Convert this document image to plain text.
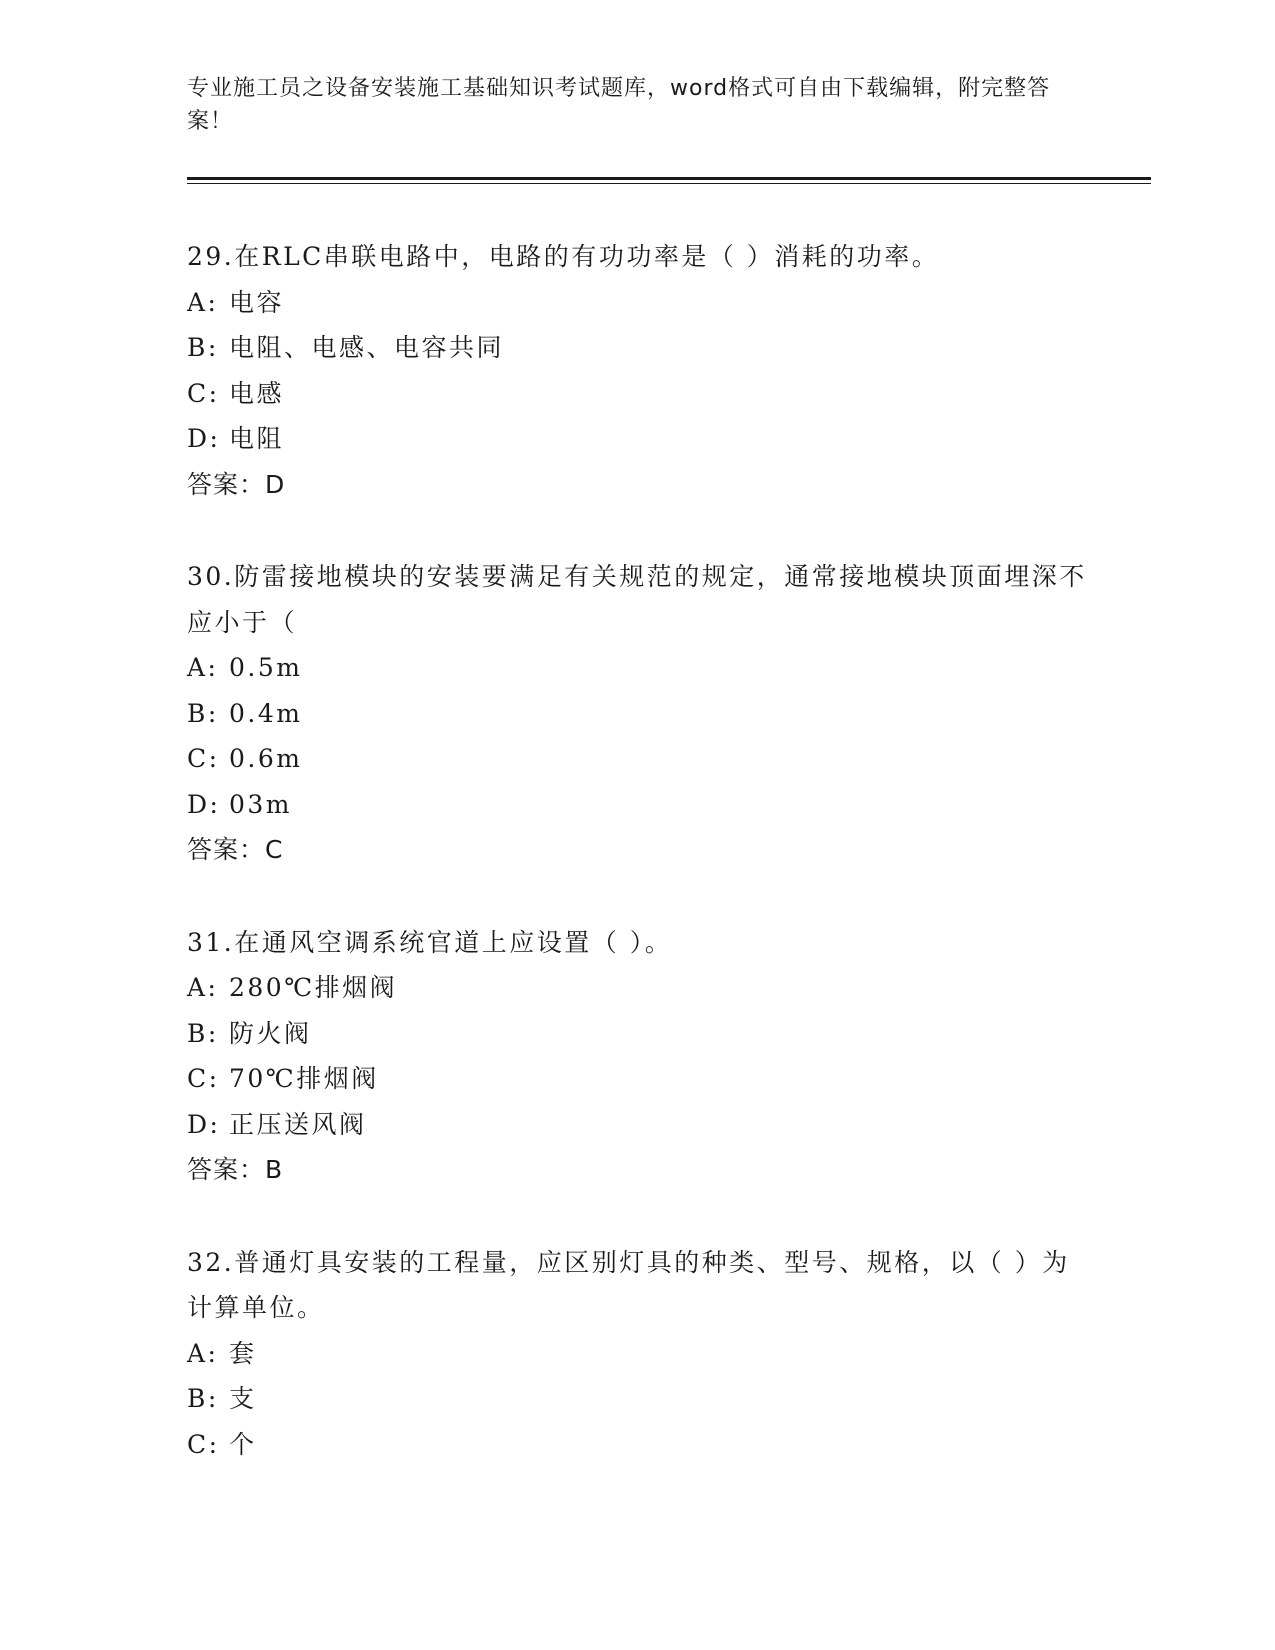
专业施工员之设备安装施工基础知识考试题库，word格式可自由下载编辑，附完整答案！

29.在RLC串联电路中，电路的有功功率是（ ）消耗的功率。

A: 电容

B: 电阻、电感、电容共同

C: 电感

D: 电阻

答案：D

30.防雷接地模块的安装要满足有关规范的规定，通常接地模块顶面埋深不应小于（

A: 0.5m

B: 0.4m

C: 0.6m

D: 03m

答案：C

31.在通风空调系统官道上应设置（ ）。

A: 280℃排烟阀

B: 防火阀

C: 70℃排烟阀

D: 正压送风阀

答案：B

32.普通灯具安装的工程量，应区别灯具的种类、型号、规格，以（ ）为计算单位。

A: 套

B: 支

C: 个
